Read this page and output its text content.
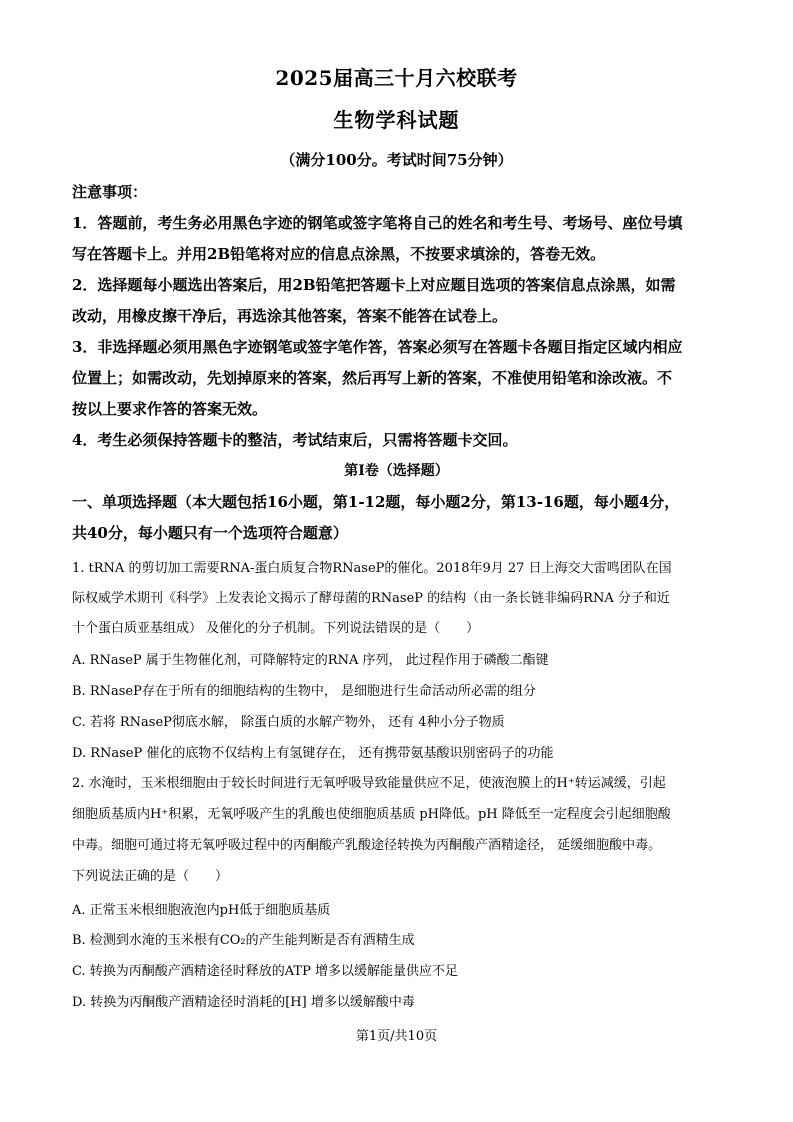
2025届高三十月六校联考
生物学科试题
（满分100分。考试时间75分钟）
注意事项：
1．答题前，考生务必用黑色字迹的钢笔或签字笔将自己的姓名和考生号、考场号、座位号填
写在答题卡上。并用2B铅笔将对应的信息点涂黑，不按要求填涂的，答卷无效。
2．选择题每小题选出答案后，用2B铅笔把答题卡上对应题目选项的答案信息点涂黑，如需
改动，用橡皮擦干净后，再选涂其他答案，答案不能答在试卷上。
3．非选择题必须用黑色字迹钢笔或签字笔作答，答案必须写在答题卡各题目指定区域内相应
位置上；如需改动，先划掉原来的答案，然后再写上新的答案，不准使用铅笔和涂改液。不
按以上要求作答的答案无效。
4．考生必须保持答题卡的整洁，考试结束后，只需将答题卡交回。
第I卷（选择题）
一、单项选择题（本大题包括16小题，第1-12题，每小题2分，第13-16题，每小题4分，
共40分，每小题只有一个选项符合题意）
1. tRNA 的剪切加工需要RNA-蛋白质复合物RNaseP的催化。2018年9月 27 日上海交大雷鸣团队在国
际权威学术期刊《科学》上发表论文揭示了酵母菌的RNaseP 的结构（由一条长链非编码RNA 分子和近
十个蛋白质亚基组成） 及催化的分子机制。下列说法错误的是（　　）
A. RNaseP 属于生物催化剂，可降解特定的RNA 序列， 此过程作用于磷酸二酯键
B. RNaseP存在于所有的细胞结构的生物中， 是细胞进行生命活动所必需的组分
C. 若将 RNaseP彻底水解， 除蛋白质的水解产物外， 还有 4种小分子物质
D. RNaseP 催化的底物不仅结构上有氢键存在， 还有携带氨基酸识别密码子的功能
2. 水淹时，玉米根细胞由于较长时间进行无氧呼吸导致能量供应不足，使液泡膜上的H⁺转运减缓，引起
细胞质基质内H⁺积累，无氧呼吸产生的乳酸也使细胞质基质 pH降低。pH 降低至一定程度会引起细胞酸
中毒。细胞可通过将无氧呼吸过程中的丙酮酸产乳酸途径转换为丙酮酸产酒精途径， 延缓细胞酸中毒。
下列说法正确的是（　　）
A. 正常玉米根细胞液泡内pH低于细胞质基质
B. 检测到水淹的玉米根有CO₂的产生能判断是否有酒精生成
C. 转换为丙酮酸产酒精途径时释放的ATP 增多以缓解能量供应不足
D. 转换为丙酮酸产酒精途径时消耗的[H] 增多以缓解酸中毒
第1页/共10页
